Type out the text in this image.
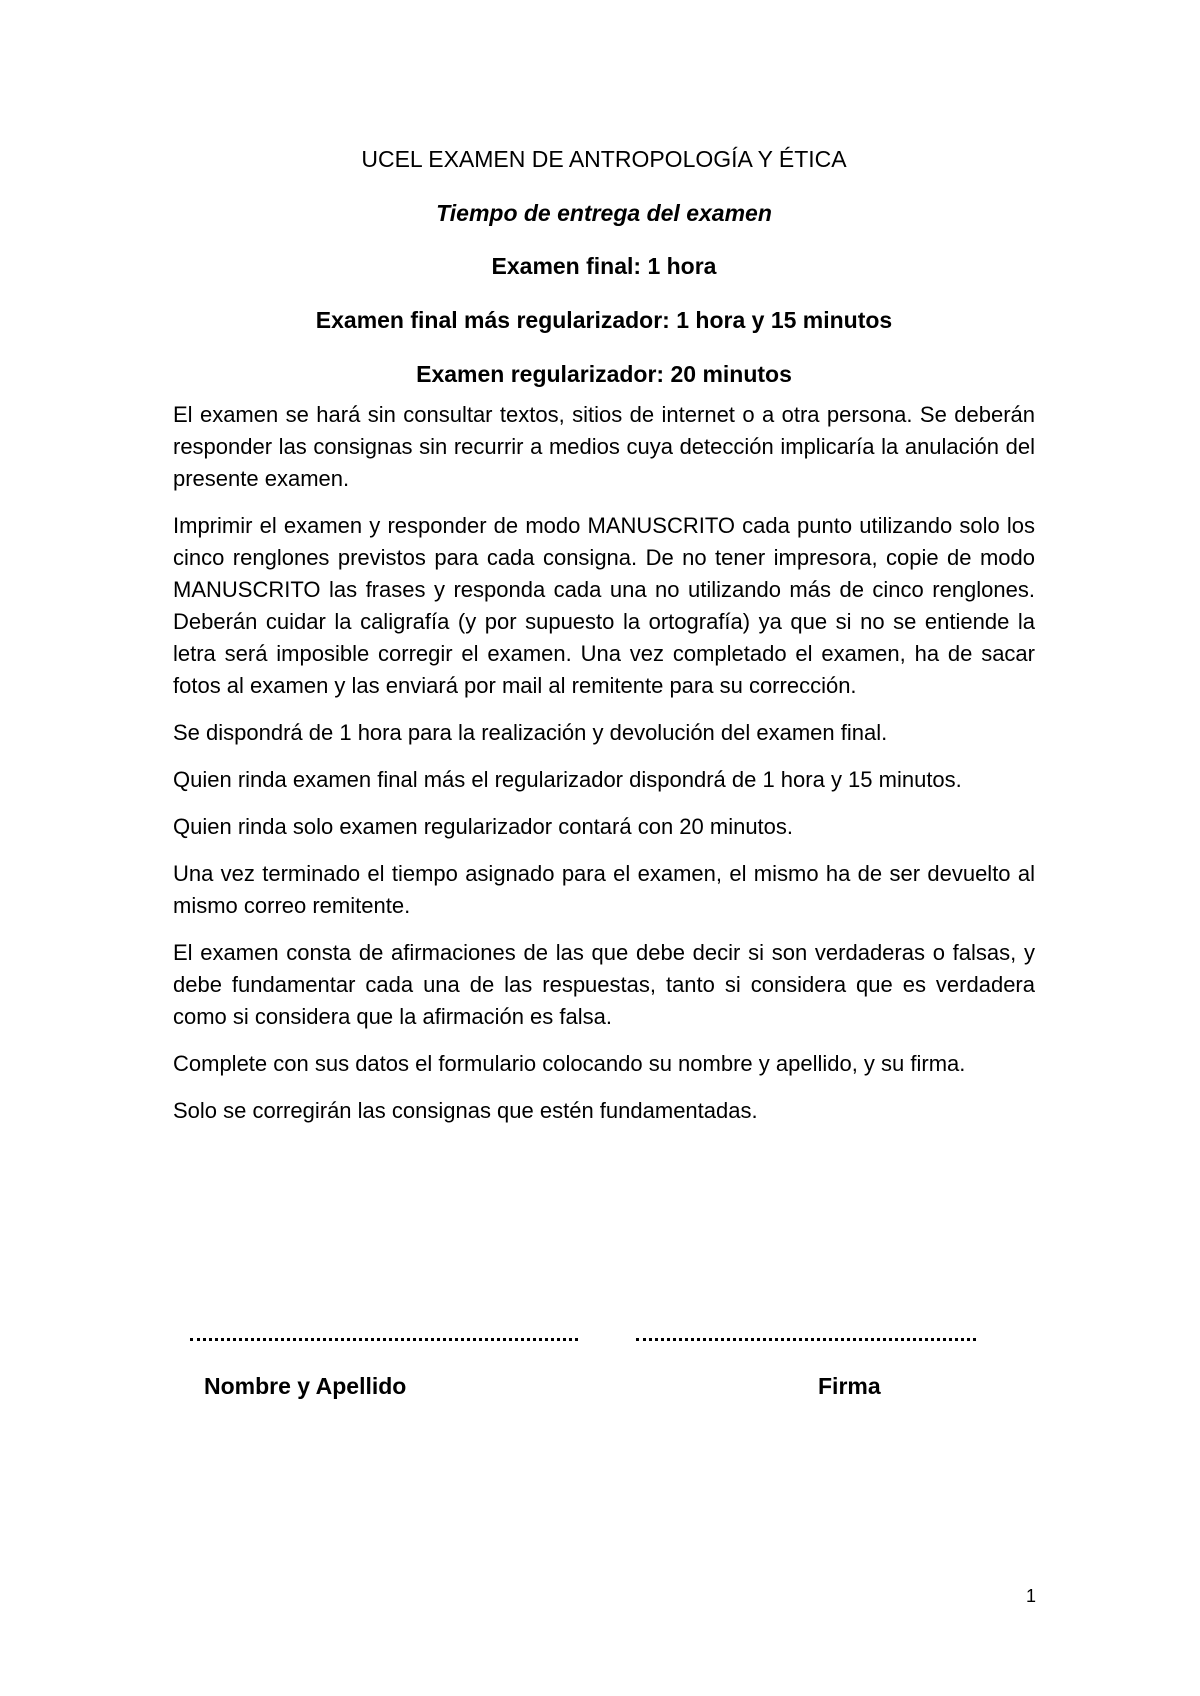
UCEL EXAMEN DE ANTROPOLOGÍA Y ÉTICA

Tiempo de entrega del examen

Examen final: 1 hora

Examen final más regularizador: 1 hora y 15 minutos

Examen regularizador: 20 minutos

El examen se hará sin consultar textos, sitios de internet o a otra persona. Se deberán responder las consignas sin recurrir a medios cuya detección implicaría la anulación del presente examen.

Imprimir el examen y responder de modo MANUSCRITO cada punto utilizando solo los cinco renglones previstos para cada consigna. De no tener impresora, copie de modo MANUSCRITO las frases y responda cada una no utilizando más de cinco renglones. Deberán cuidar la caligrafía (y por supuesto la ortografía) ya que si no se entiende la letra será imposible corregir el examen. Una vez completado el examen, ha de sacar fotos al examen y las enviará por mail al remitente para su corrección.

Se dispondrá de 1 hora para la realización y devolución del examen final.

Quien rinda examen final más el regularizador dispondrá de 1 hora y 15 minutos.

Quien rinda solo examen regularizador contará con 20 minutos.

Una vez terminado el tiempo asignado para el examen, el mismo ha de ser devuelto al mismo correo remitente.

El examen consta de afirmaciones de las que debe decir si son verdaderas o falsas, y debe fundamentar cada una de las respuestas, tanto si considera que es verdadera como si considera que la afirmación es falsa.

Complete con sus datos el formulario colocando su nombre y apellido, y su firma.

Solo se corregirán las consignas que estén fundamentadas.

Nombre y Apellido	Firma
1
